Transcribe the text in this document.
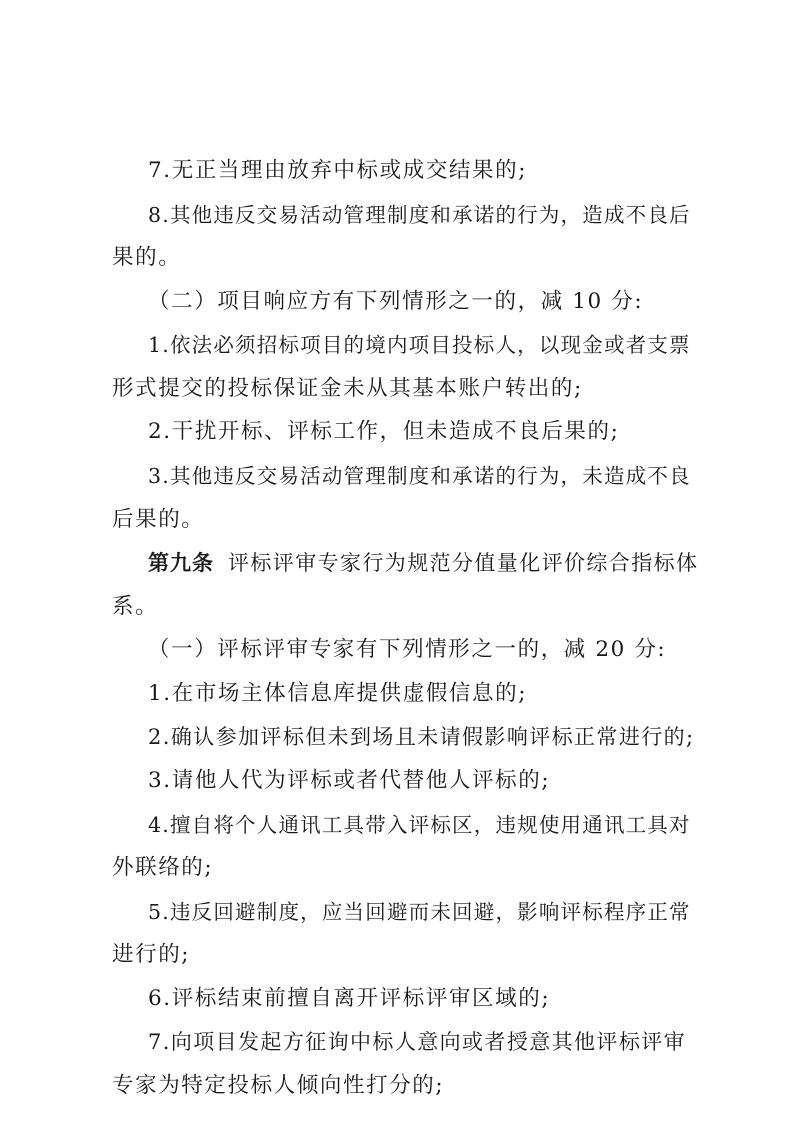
7.无正当理由放弃中标或成交结果的;
8.其他违反交易活动管理制度和承诺的行为，造成不良后
果的。
（二）项目响应方有下列情形之一的，减 10 分:
1.依法必须招标项目的境内项目投标人，以现金或者支票
形式提交的投标保证金未从其基本账户转出的;
2.干扰开标、评标工作，但未造成不良后果的;
3.其他违反交易活动管理制度和承诺的行为，未造成不良
后果的。
第九条 评标评审专家行为规范分值量化评价综合指标体
系。
（一）评标评审专家有下列情形之一的，减 20 分:
1.在市场主体信息库提供虚假信息的;
2.确认参加评标但未到场且未请假影响评标正常进行的;
3.请他人代为评标或者代替他人评标的;
4.擅自将个人通讯工具带入评标区，违规使用通讯工具对
外联络的;
5.违反回避制度，应当回避而未回避，影响评标程序正常
进行的;
6.评标结束前擅自离开评标评审区域的;
7.向项目发起方征询中标人意向或者授意其他评标评审
专家为特定投标人倾向性打分的;
